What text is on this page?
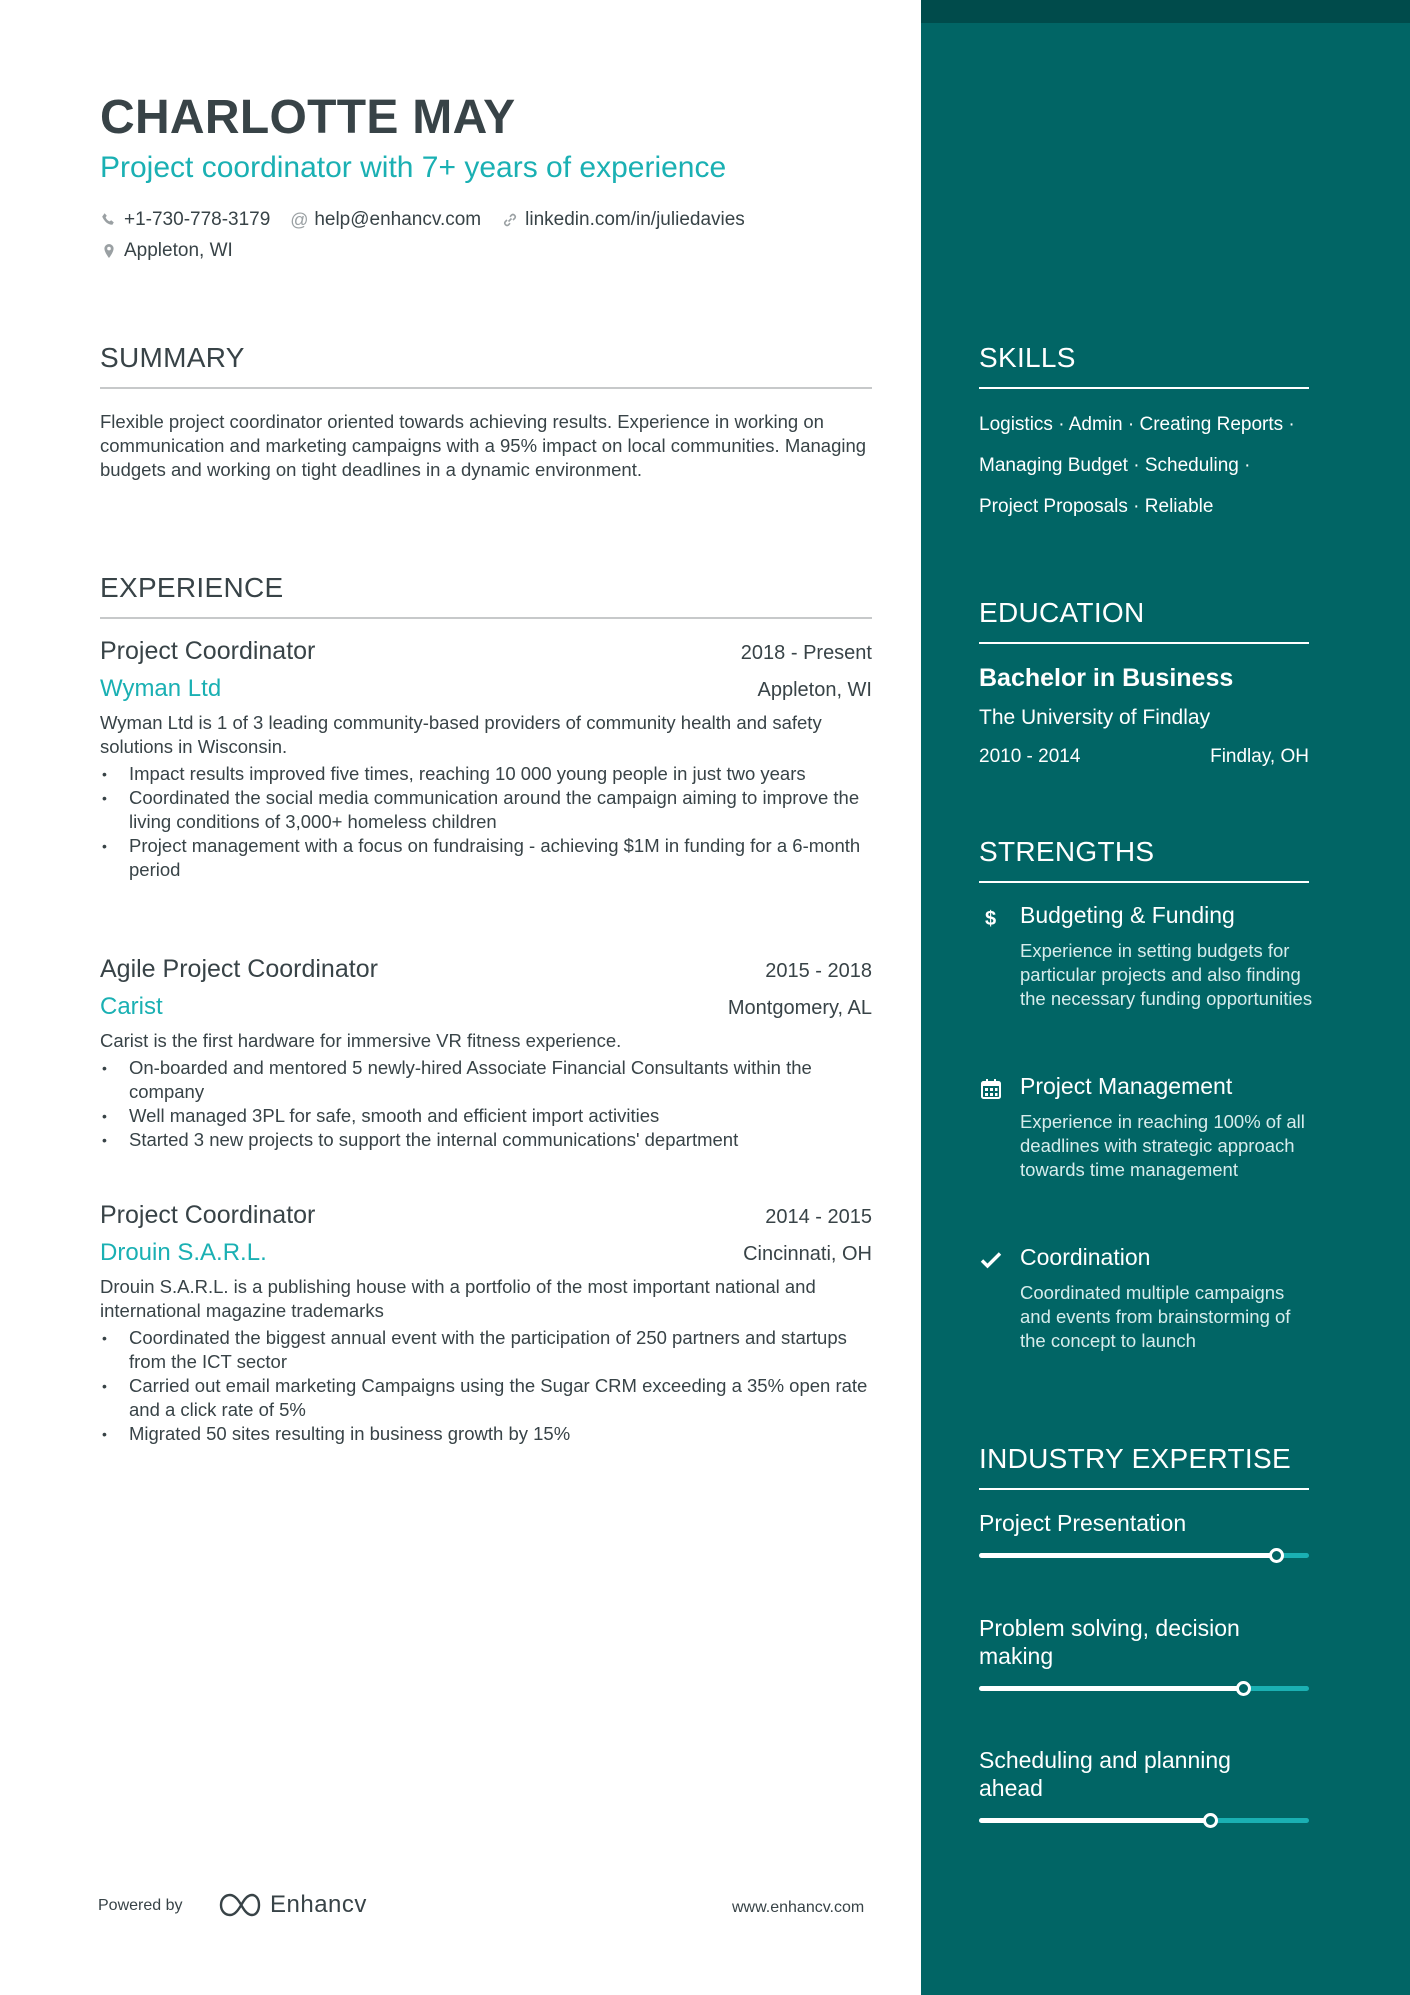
CHARLOTTE MAY
Project coordinator with 7+ years of experience
+1-730-778-3179 @ help@enhancv.com linkedin.com/in/juliedavies
Appleton, WI
SUMMARY
Flexible project coordinator oriented towards achieving results. Experience in working on communication and marketing campaigns with a 95% impact on local communities. Managing budgets and working on tight deadlines in a dynamic environment.
EXPERIENCE
Project Coordinator	2018 - Present
Wyman Ltd	Appleton, WI
Wyman Ltd is 1 of 3 leading community-based providers of community health and safety solutions in Wisconsin.
• Impact results improved five times, reaching 10 000 young people in just two years
• Coordinated the social media communication around the campaign aiming to improve the living conditions of 3,000+ homeless children
• Project management with a focus on fundraising - achieving $1M in funding for a 6-month period
Agile Project Coordinator	2015 - 2018
Carist	Montgomery, AL
Carist is the first hardware for immersive VR fitness experience.
• On-boarded and mentored 5 newly-hired Associate Financial Consultants within the company
• Well managed 3PL for safe, smooth and efficient import activities
• Started 3 new projects to support the internal communications' department
Project Coordinator	2014 - 2015
Drouin S.A.R.L.	Cincinnati, OH
Drouin S.A.R.L. is a publishing house with a portfolio of the most important national and international magazine trademarks
• Coordinated the biggest annual event with the participation of 250 partners and startups from the ICT sector
• Carried out email marketing Campaigns using the Sugar CRM exceeding a 35% open rate and a click rate of 5%
• Migrated 50 sites resulting in business growth by 15%
Powered by	Enhancv	www.enhancv.com
SKILLS
Logistics · Admin · Creating Reports ·
Managing Budget · Scheduling ·
Project Proposals · Reliable
EDUCATION
Bachelor in Business
The University of Findlay
2010 - 2014	Findlay, OH
STRENGTHS
$ Budgeting & Funding
Experience in setting budgets for particular projects and also finding the necessary funding opportunities
Project Management
Experience in reaching 100% of all deadlines with strategic approach towards time management
Coordination
Coordinated multiple campaigns and events from brainstorming of the concept to launch
INDUSTRY EXPERTISE
Project Presentation
Problem solving, decision making
Scheduling and planning ahead
